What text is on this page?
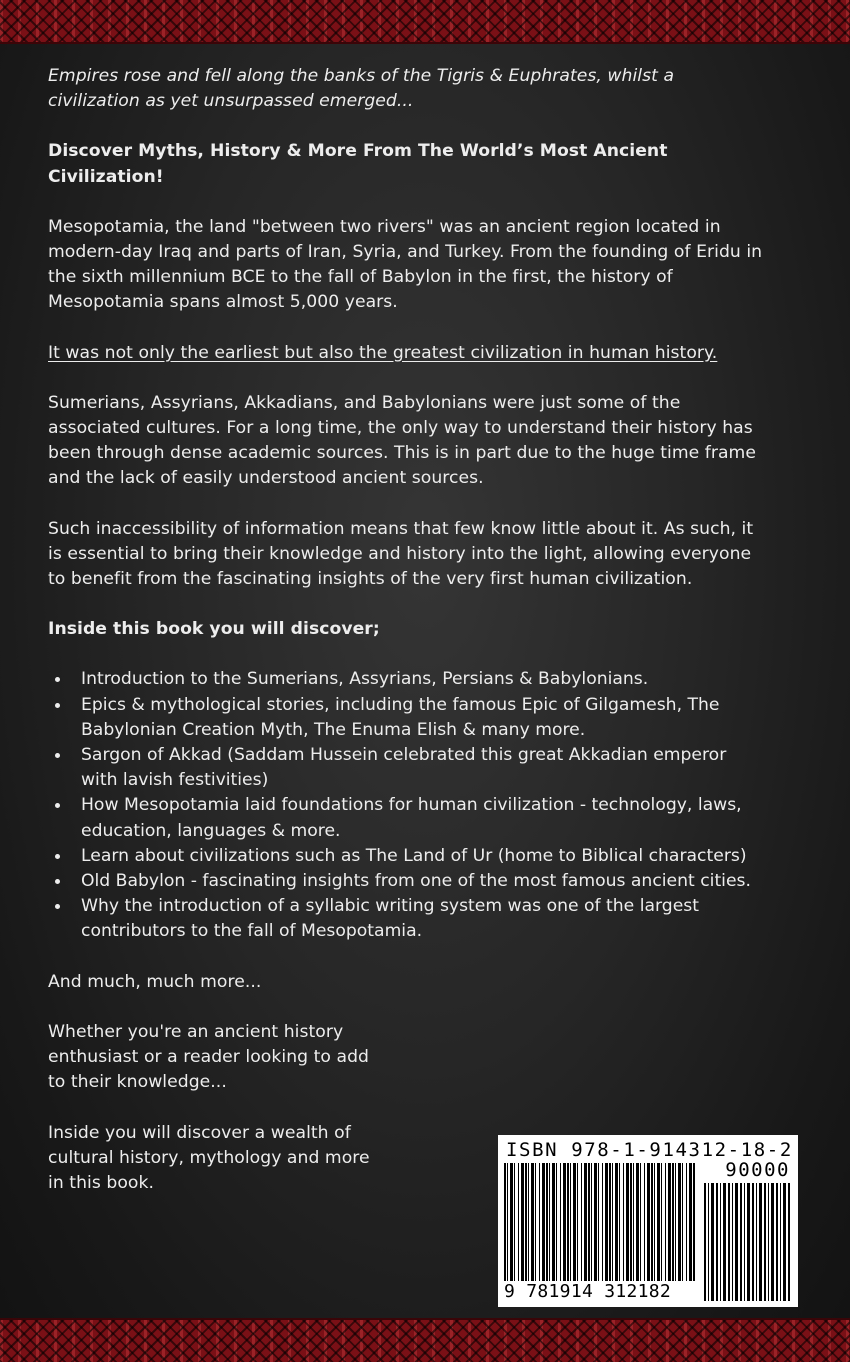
Empires rose and fell along the banks of the Tigris & Euphrates, whilst a civilization as yet unsurpassed emerged...

Discover Myths, History & More From The World’s Most Ancient Civilization!

Mesopotamia, the land "between two rivers" was an ancient region located in modern-day Iraq and parts of Iran, Syria, and Turkey. From the founding of Eridu in the sixth millennium BCE to the fall of Babylon in the first, the history of Mesopotamia spans almost 5,000 years.

It was not only the earliest but also the greatest civilization in human history.

Sumerians, Assyrians, Akkadians, and Babylonians were just some of the associated cultures. For a long time, the only way to understand their history has been through dense academic sources. This is in part due to the huge time frame and the lack of easily understood ancient sources.

Such inaccessibility of information means that few know little about it. As such, it is essential to bring their knowledge and history into the light, allowing everyone to benefit from the fascinating insights of the very first human civilization.

Inside this book you will discover;

Introduction to the Sumerians, Assyrians, Persians & Babylonians.
Epics & mythological stories, including the famous Epic of Gilgamesh, The Babylonian Creation Myth, The Enuma Elish & many more.
Sargon of Akkad (Saddam Hussein celebrated this great Akkadian emperor with lavish festivities)
How Mesopotamia laid foundations for human civilization - technology, laws, education, languages & more.
Learn about civilizations such as The Land of Ur (home to Biblical characters)
Old Babylon - fascinating insights from one of the most famous ancient cities.
Why the introduction of a syllabic writing system was one of the largest contributors to the fall of Mesopotamia.

And much, much more...

Whether you're an ancient history enthusiast or a reader looking to add to their knowledge...

Inside you will discover a wealth of cultural history, mythology and more in this book.

ISBN 978-1-914312-18-2
90000
9 781914 312182
